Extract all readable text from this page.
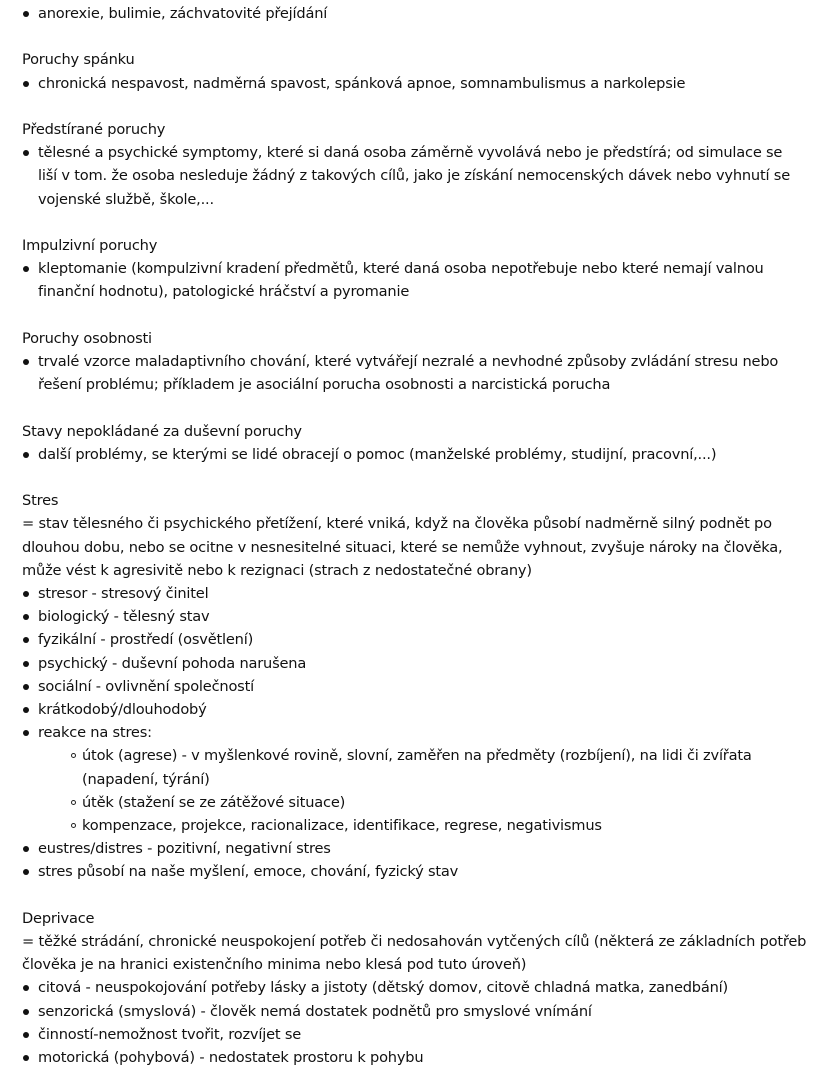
anorexie, bulimie, záchvatovité přejídání
Poruchy spánku
chronická nespavost, nadměrná spavost, spánková apnoe, somnambulismus a narkolepsie
Předstírané poruchy
tělesné a psychické symptomy, které si daná osoba záměrně vyvolává nebo je předstírá; od simulace se liší v tom. že osoba nesleduje žádný z takových cílů, jako je získání nemocenských dávek nebo vyhnutí se vojenské službě, škole,...
Impulzivní poruchy
kleptomanie (kompulzivní kradení předmětů, které daná osoba nepotřebuje nebo které nemají valnou finanční hodnotu), patologické hráčství a pyromanie
Poruchy osobnosti
trvalé vzorce maladaptivního chování, které vytvářejí nezralé a nevhodné způsoby zvládání stresu nebo řešení problému; příkladem je asociální porucha osobnosti a narcistická porucha
Stavy nepokládané za duševní poruchy
další problémy, se kterými se lidé obracejí o pomoc (manželské problémy, studijní, pracovní,...)
Stres
= stav tělesného či psychického přetížení, které vniká, když na člověka působí nadměrně silný podnět po dlouhou dobu, nebo se ocitne v nesnesitelné situaci, které se nemůže vyhnout, zvyšuje nároky na člověka, může vést k agresivitě nebo k rezignaci (strach z nedostatečné obrany)
stresor - stresový činitel
biologický - tělesný stav
fyzikální - prostředí (osvětlení)
psychický - duševní pohoda narušena
sociální - ovlivnění společností
krátkodobý/dlouhodobý
reakce na stres:
útok (agrese) - v myšlenkové rovině, slovní, zaměřen na předměty (rozbíjení), na lidi či zvířata (napadení, týrání)
útěk (stažení se ze zátěžové situace)
kompenzace, projekce, racionalizace, identifikace, regrese, negativismus
eustres/distres - pozitivní, negativní stres
stres působí na naše myšlení, emoce, chování, fyzický stav
Deprivace
= těžké strádání, chronické neuspokojení potřeb či nedosahován vytčených cílů (některá ze základních potřeb člověka je na hranici existenčního minima nebo klesá pod tuto úroveň)
citová - neuspokojování potřeby lásky a jistoty (dětský domov, citově chladná matka, zanedbání)
senzorická (smyslová) - člověk nemá dostatek podnětů pro smyslové vnímání
činností-nemožnost tvořit, rozvíjet se
motorická (pohybová) - nedostatek prostoru k pohybu
